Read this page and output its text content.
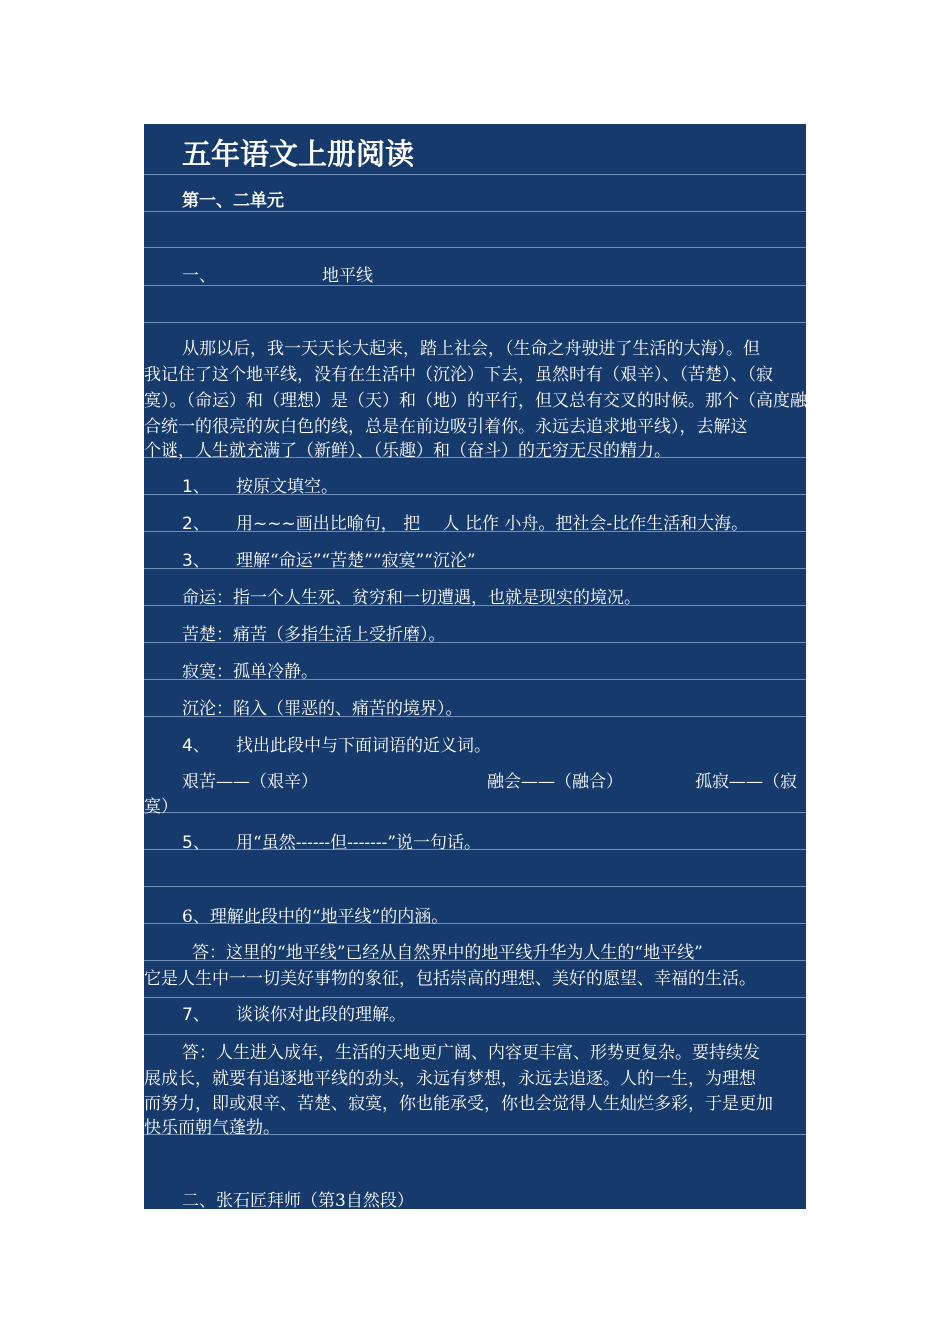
五年语文上册阅读
第一、二单元
一、	地平线
从那以后，我一天天长大起来，踏上社会，（生命之舟驶进了生活的大海）。但
我记住了这个地平线，没有在生活中（沉沦）下去，虽然时有（艰辛）、（苦楚）、（寂
寞）。（命运）和（理想）是（天）和（地）的平行，但又总有交叉的时候。那个（高度融
合统一的很亮的灰白色的线，总是在前边吸引着你。永远去追求地平线），去解这
个谜，人生就充满了（新鲜）、（乐趣）和（奋斗）的无穷无尽的精力。
1、 按原文填空。
2、 用~~~画出比喻句， 把　 人 比作 小舟。把社会-比作生活和大海。
3、 理解“命运”“苦楚”“寂寞”“沉沦”
命运：指一个人生死、贫穷和一切遭遇，也就是现实的境况。
苦楚：痛苦（多指生活上受折磨）。
寂寞：孤单冷静。
沉沦：陷入（罪恶的、痛苦的境界）。
4、 找出此段中与下面词语的近义词。
艰苦——（艰辛）	融会——（融合）	孤寂——（寂
寞）
5、 用“虽然------但-------”说一句话。
6、理解此段中的“地平线”的内涵。
答：这里的“地平线”已经从自然界中的地平线升华为人生的“地平线”
它是人生中一一切美好事物的象征，包括崇高的理想、美好的愿望、幸福的生活。
7、 谈谈你对此段的理解。
答：人生进入成年，生活的天地更广阔、内容更丰富、形势更复杂。要持续发
展成长，就要有追逐地平线的劲头，永远有梦想，永远去追逐。人的一生，为理想
而努力，即或艰辛、苦楚、寂寞，你也能承受，你也会觉得人生灿烂多彩，于是更加
快乐而朝气蓬勃。
二、张石匠拜师（第3自然段）
